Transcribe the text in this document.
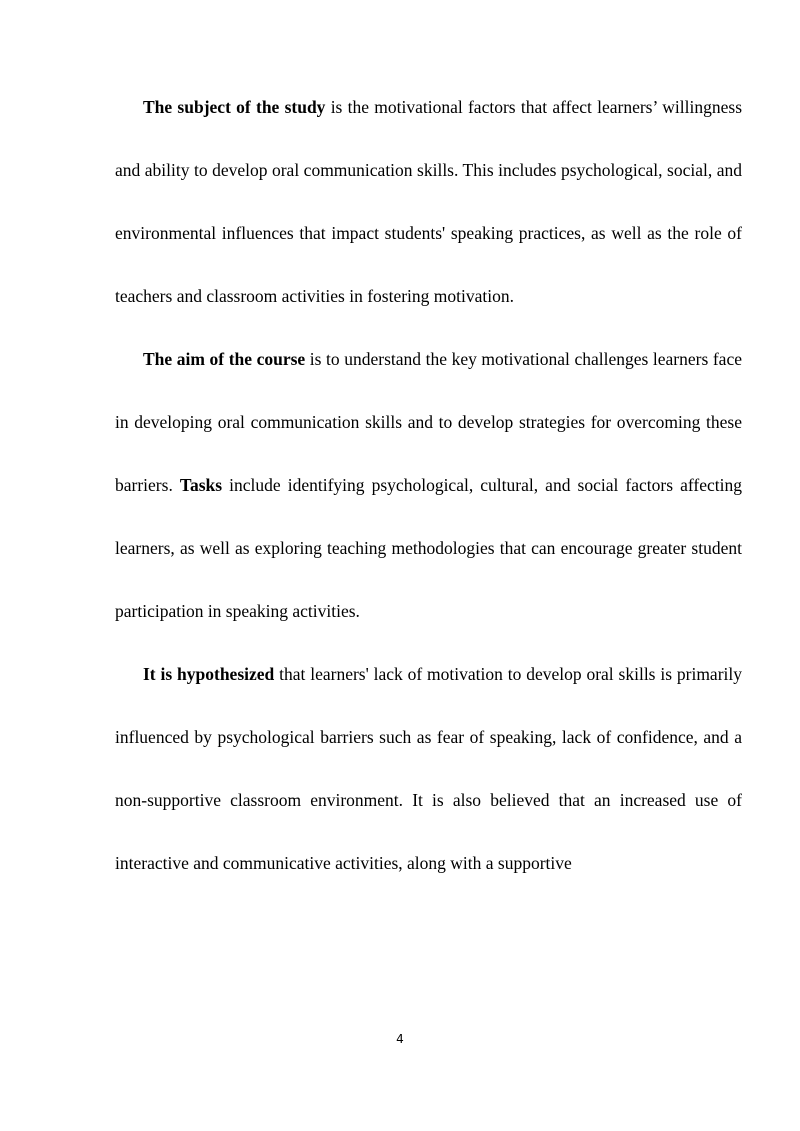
The subject of the study is the motivational factors that affect learners’ willingness and ability to develop oral communication skills. This includes psychological, social, and environmental influences that impact students' speaking practices, as well as the role of teachers and classroom activities in fostering motivation.

The aim of the course is to understand the key motivational challenges learners face in developing oral communication skills and to develop strategies for overcoming these barriers. Tasks include identifying psychological, cultural, and social factors affecting learners, as well as exploring teaching methodologies that can encourage greater student participation in speaking activities.

It is hypothesized that learners' lack of motivation to develop oral skills is primarily influenced by psychological barriers such as fear of speaking, lack of confidence, and a non-supportive classroom environment. It is also believed that an increased use of interactive and communicative activities, along with a supportive

4
